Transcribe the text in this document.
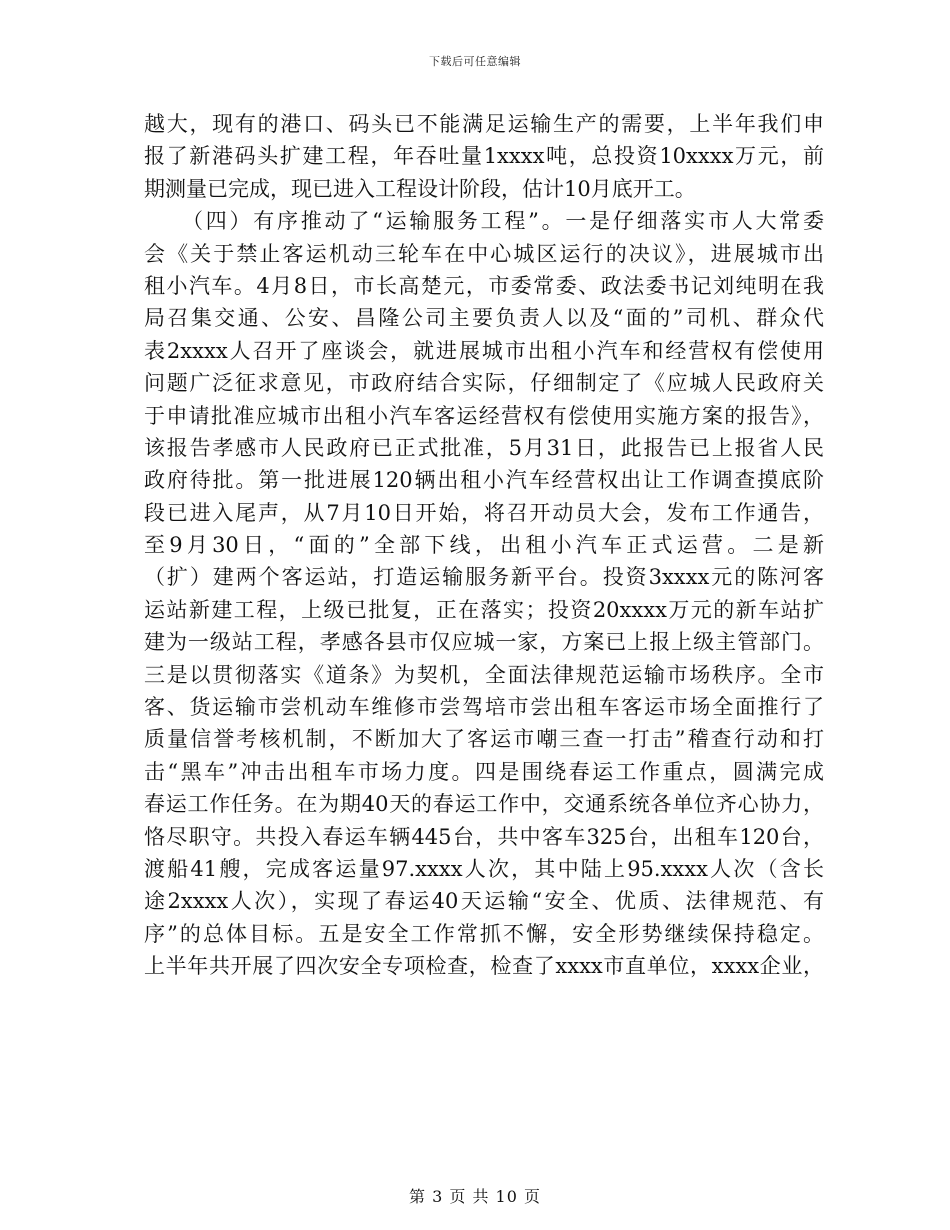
下载后可任意编辑
越大，现有的港口、码头已不能满足运输生产的需要，上半年我们申
报了新港码头扩建工程，年吞吐量1xxxx吨，总投资10xxxx万元，前
期测量已完成，现已进入工程设计阶段，估计10月底开工。
（四）有序推动了“运输服务工程”。一是仔细落实市人大常委
会《关于禁止客运机动三轮车在中心城区运行的决议》，进展城市出
租小汽车。4月8日，市长高楚元，市委常委、政法委书记刘纯明在我
局召集交通、公安、昌隆公司主要负责人以及“面的”司机、群众代
表2xxxx人召开了座谈会，就进展城市出租小汽车和经营权有偿使用
问题广泛征求意见，市政府结合实际，仔细制定了《应城人民政府关
于申请批准应城市出租小汽车客运经营权有偿使用实施方案的报告》，
该报告孝感市人民政府已正式批准，5月31日，此报告已上报省人民
政府待批。第一批进展120辆出租小汽车经营权出让工作调查摸底阶
段已进入尾声，从7月10日开始，将召开动员大会，发布工作通告，
至9月30日，“面的”全部下线，出租小汽车正式运营。二是新
（扩）建两个客运站，打造运输服务新平台。投资3xxxx元的陈河客
运站新建工程，上级已批复，正在落实；投资20xxxx万元的新车站扩
建为一级站工程，孝感各县市仅应城一家，方案已上报上级主管部门。
三是以贯彻落实《道条》为契机，全面法律规范运输市场秩序。全市
客、货运输市尝机动车维修市尝驾培市尝出租车客运市场全面推行了
质量信誉考核机制，不断加大了客运市嘲三查一打击”稽查行动和打
击“黑车”冲击出租车市场力度。四是围绕春运工作重点，圆满完成
春运工作任务。在为期40天的春运工作中，交通系统各单位齐心协力，
恪尽职守。共投入春运车辆445台，共中客车325台，出租车120台，
渡船41艘，完成客运量97.xxxx人次，其中陆上95.xxxx人次（含长
途2xxxx人次），实现了春运40天运输“安全、优质、法律规范、有
序”的总体目标。五是安全工作常抓不懈，安全形势继续保持稳定。
上半年共开展了四次安全专项检查，检查了xxxx市直单位，xxxx企业，
第 3 页 共 10 页
